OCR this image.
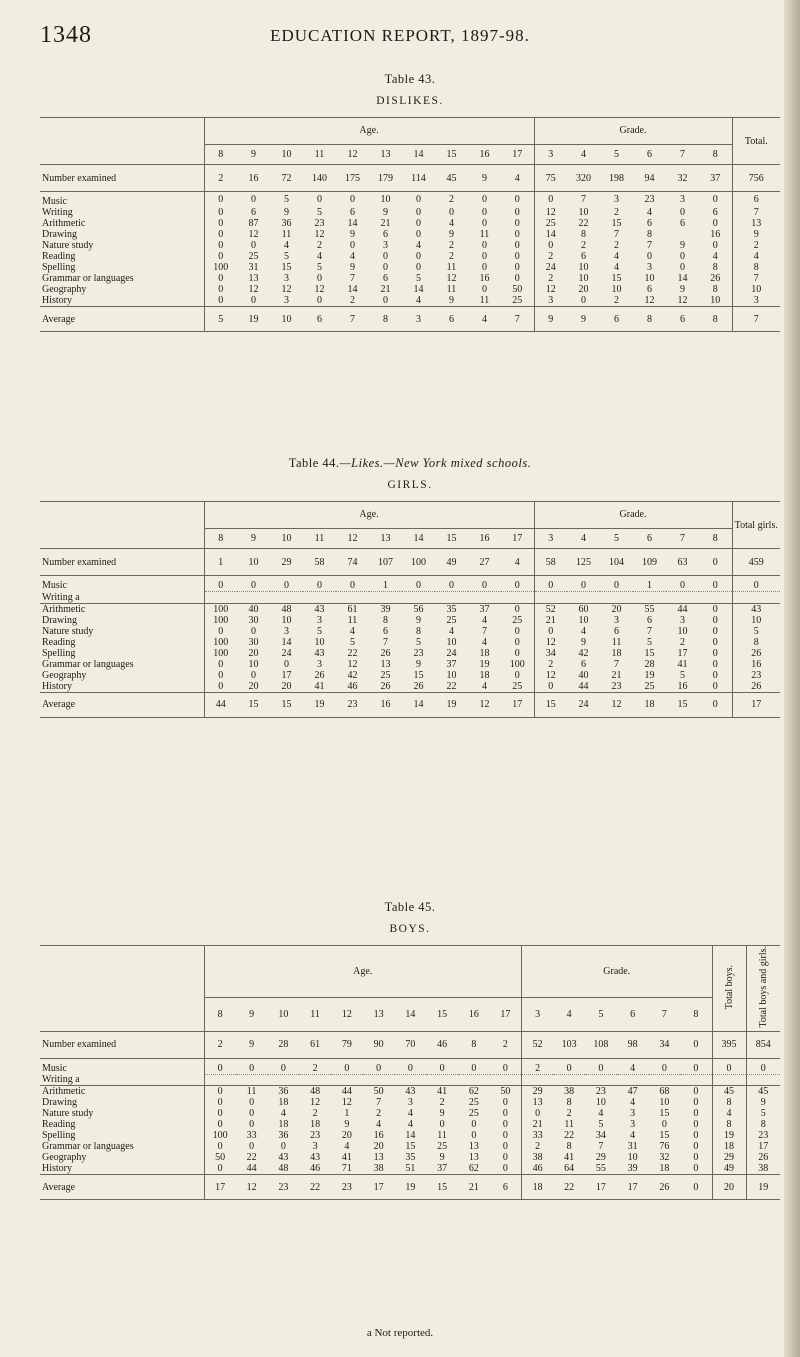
EDUCATION REPORT, 1897-98.
1348
Table 43.
DISLIKES.
	Age.										Grade.						Total.

	8	9	10	11	12	13	14	15	16	17	3	4	5	6	7	8	
Number examined	2	16	72	140	175	179	114	45	9	4	75	320	198	94	32	37	756
Music	0	0	5	0	0	10	0	2	0	0	0	7	3	23	3	0	6
Writing	0	6	9	5	6	9	0	0	0	0	12	10	2	4	0	6	7
Arithmetic	0	87	36	23	14	21	0	4	0	0	25	22	15	6	6	0	13
Drawing	0	12	11	12	9	6	0	9	11	0	14	8	7	8		16	9
Nature study	0	0	4	2	0	3	4	2	0	0	0	2	2	7	9	0	2
Reading	0	25	5	4	4	0	0	2	0	0	2	6	4	0	0	4	4
Spelling	100	31	15	5	9	0	0	11	0	0	24	10	4	3	0	8	8
Grammar or languages	0	13	3	0	7	6	5	12	16	0	2	10	15	10	14	26	7
Geography	0	12	12	12	14	21	14	11	0	50	12	20	10	6	9	8	10
History	0	0	3	0	2	0	4	9	11	25	3	0	2	12	12	10	3
Average	5	19	10	6	7	8	3	6	4	7	9	9	6	8	6	8	7
Table 44.—Likes.—New York mixed schools.
GIRLS.
	Age.										Grade.						Total girls.

	8	9	10	11	12	13	14	15	16	17	3	4	5	6	7	8	
Number examined	1	10	29	58	74	107	100	49	27	4	58	125	104	109	63	0	459
Music	0	0	0	0	0	1	0	0	0	0	0	0	0	1	0	0	0
Writing a																	
Arithmetic	100	40	48	43	61	39	56	35	37	0	52	60	20	55	44	0	43
Drawing	100	30	10	3	11	8	9	25	4	25	21	10	3	6	3	0	10
Nature study	0	0	3	5	4	6	8	4	7	0	0	4	6	7	10	0	5
Reading	100	30	14	10	5	7	5	10	4	0	12	9	11	5	2	0	8
Spelling	100	20	24	43	22	26	23	24	18	0	34	42	18	15	17	0	26
Grammar or languages	0	10	0	3	12	13	9	37	19	100	2	6	7	28	41	0	16
Geography	0	0	17	26	42	25	15	10	18	0	12	40	21	19	5	0	23
History	0	20	20	41	46	26	26	22	4	25	0	44	23	25	16	0	26
Average	44	15	15	19	23	16	14	19	12	17	15	24	12	18	15	0	17
Table 45.
BOYS.
	Age.										Grade.						Total boys.	Total boys and girls.
	8	9	10	11	12	13	14	15	16	17	3	4	5	6	7	8		
Number examined	2	9	28	61	79	90	70	46	8	2	52	103	108	98	34	0	395	854
Music	0	0	0	2	0	0	0	0	0	0	2	0	0	4	0	0	0	0
Writing a																		
Arithmetic	0	11	36	48	44	50	43	41	62	50	29	38	23	47	68	0	45	45
Drawing	0	0	18	12	12	7	3	2	25	0	13	8	10	4	10	0	8	9
Nature study	0	0	4	2	1	2	4	9	25	0	0	2	4	3	15	0	4	5
Reading	0	0	18	18	9	4	4	0	0	0	21	11	5	3	0	0	8	8
Spelling	100	33	36	23	20	16	14	11	0	0	33	22	34	4	15	0	19	23
Grammar or languages	0	0	0	3	4	20	15	25	13	0	2	8	7	31	76	0	18	17
Geography	50	22	43	43	41	13	35	9	13	0	38	41	29	10	32	0	29	26
History	0	44	48	46	71	38	51	37	62	0	46	64	55	39	18	0	49	38
Average	17	12	23	22	23	17	19	15	21	6	18	22	17	17	26	0	20	19
a Not reported.
